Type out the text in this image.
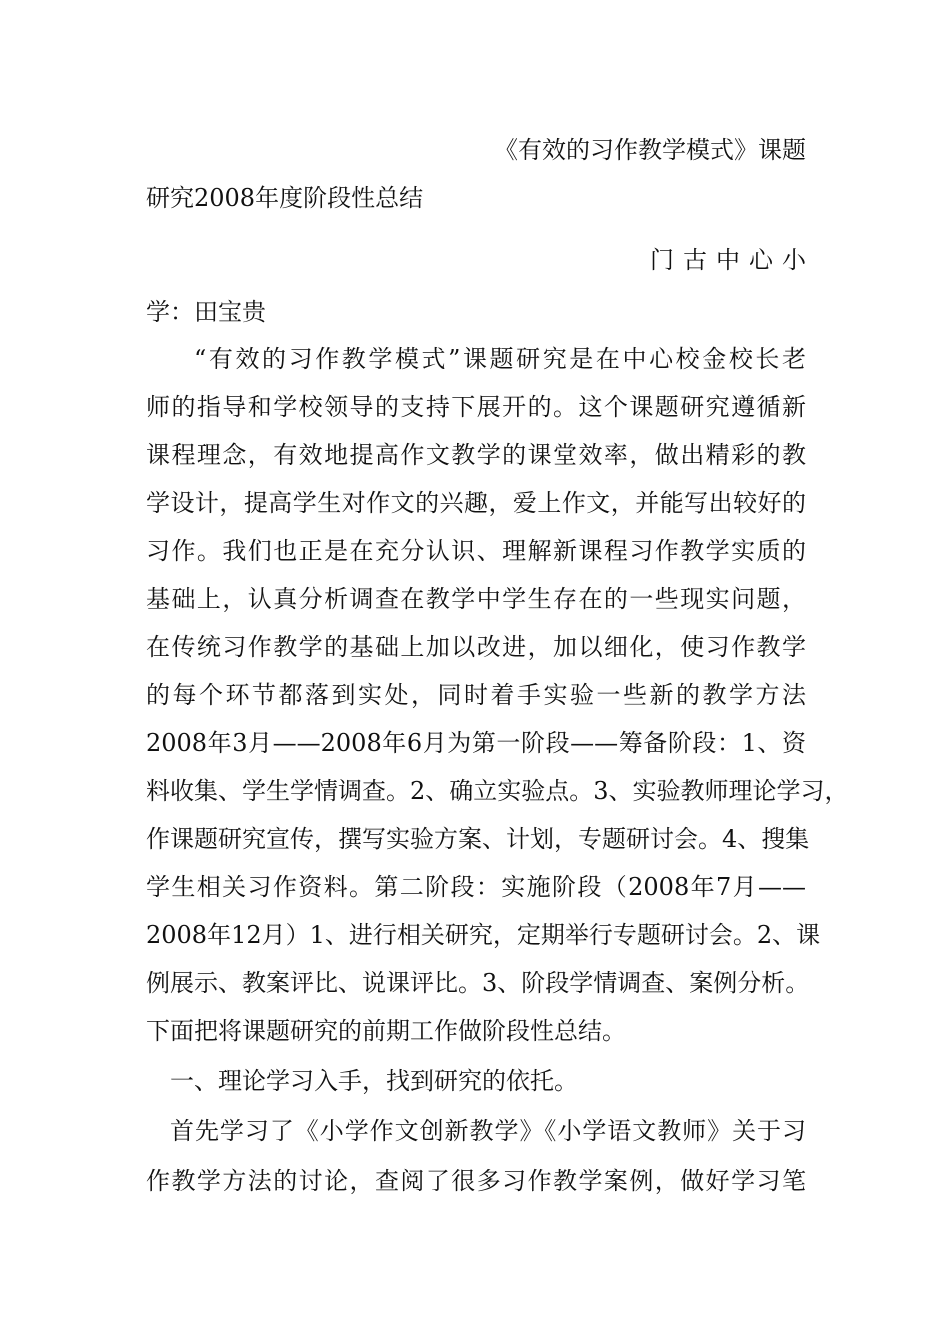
《有效的习作教学模式》课题
研究2008年度阶段性总结
门古中心小
学：田宝贵
“有效的习作教学模式”课题研究是在中心校金校长老
师的指导和学校领导的支持下展开的。这个课题研究遵循新
课程理念，有效地提高作文教学的课堂效率，做出精彩的教
学设计，提高学生对作文的兴趣，爱上作文，并能写出较好的
习作。我们也正是在充分认识、理解新课程习作教学实质的
基础上，认真分析调查在教学中学生存在的一些现实问题，
在传统习作教学的基础上加以改进，加以细化，使习作教学
的每个环节都落到实处，同时着手实验一些新的教学方法
2008年3月——2008年6月为第一阶段——筹备阶段：1、资
料收集、学生学情调查。2、确立实验点。3、实验教师理论学习，
作课题研究宣传，撰写实验方案、计划，专题研讨会。4、搜集
学生相关习作资料。第二阶段：实施阶段（2008年7月——
2008年12月）1、进行相关研究，定期举行专题研讨会。2、课
例展示、教案评比、说课评比。3、阶段学情调查、案例分析。
下面把将课题研究的前期工作做阶段性总结。
一、理论学习入手，找到研究的依托。
首先学习了《小学作文创新教学》《小学语文教师》关于习
作教学方法的讨论，查阅了很多习作教学案例，做好学习笔
